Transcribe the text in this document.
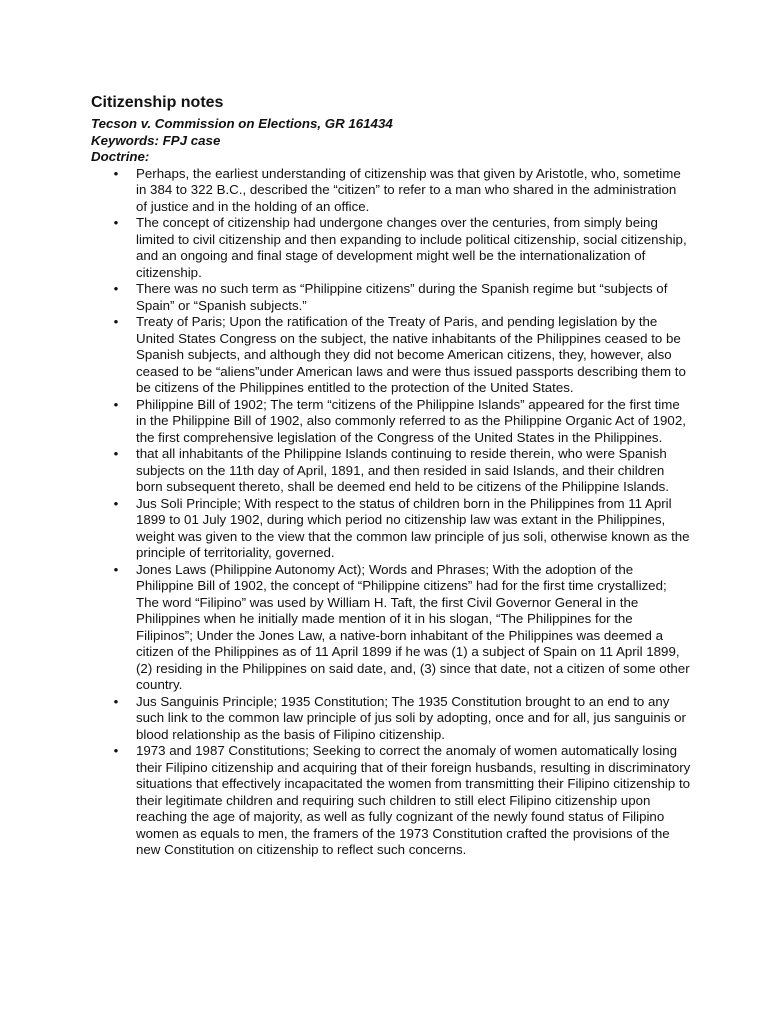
Citizenship notes

Tecson v. Commission on Elections, GR 161434

Keywords: FPJ case

Doctrine:

• Perhaps, the earliest understanding of citizenship was that given by Aristotle, who, sometime in 384 to 322 B.C., described the “citizen” to refer to a man who shared in the administration of justice and in the holding of an office.
• The concept of citizenship had undergone changes over the centuries, from simply being limited to civil citizenship and then expanding to include political citizenship, social citizenship, and an ongoing and final stage of development might well be the internationalization of citizenship.
• There was no such term as “Philippine citizens” during the Spanish regime but “subjects of Spain” or “Spanish subjects.”
• Treaty of Paris; Upon the ratification of the Treaty of Paris, and pending legislation by the United States Congress on the subject, the native inhabitants of the Philippines ceased to be Spanish subjects, and although they did not become American citizens, they, however, also ceased to be “aliens”under American laws and were thus issued passports describing them to be citizens of the Philippines entitled to the protection of the United States.
• Philippine Bill of 1902; The term “citizens of the Philippine Islands” appeared for the first time in the Philippine Bill of 1902, also commonly referred to as the Philippine Organic Act of 1902, the first comprehensive legislation of the Congress of the United States in the Philippines.
• that all inhabitants of the Philippine Islands continuing to reside therein, who were Spanish subjects on the 11th day of April, 1891, and then resided in said Islands, and their children born subsequent thereto, shall be deemed end held to be citizens of the Philippine Islands.
• Jus Soli Principle; With respect to the status of children born in the Philippines from 11 April 1899 to 01 July 1902, during which period no citizenship law was extant in the Philippines, weight was given to the view that the common law principle of jus soli, otherwise known as the principle of territoriality, governed.
• Jones Laws (Philippine Autonomy Act); Words and Phrases; With the adoption of the Philippine Bill of 1902, the concept of “Philippine citizens” had for the first time crystallized; The word “Filipino” was used by William H. Taft, the first Civil Governor General in the Philippines when he initially made mention of it in his slogan, “The Philippines for the Filipinos”; Under the Jones Law, a native-born inhabitant of the Philippines was deemed a citizen of the Philippines as of 11 April 1899 if he was (1) a subject of Spain on 11 April 1899, (2) residing in the Philippines on said date, and, (3) since that date, not a citizen of some other country.
• Jus Sanguinis Principle; 1935 Constitution; The 1935 Constitution brought to an end to any such link to the common law principle of jus soli by adopting, once and for all, jus sanguinis or blood relationship as the basis of Filipino citizenship.
• 1973 and 1987 Constitutions; Seeking to correct the anomaly of women automatically losing their Filipino citizenship and acquiring that of their foreign husbands, resulting in discriminatory situations that effectively incapacitated the women from transmitting their Filipino citizenship to their legitimate children and requiring such children to still elect Filipino citizenship upon reaching the age of majority, as well as fully cognizant of the newly found status of Filipino women as equals to men, the framers of the 1973 Constitution crafted the provisions of the new Constitution on citizenship to reflect such concerns.
